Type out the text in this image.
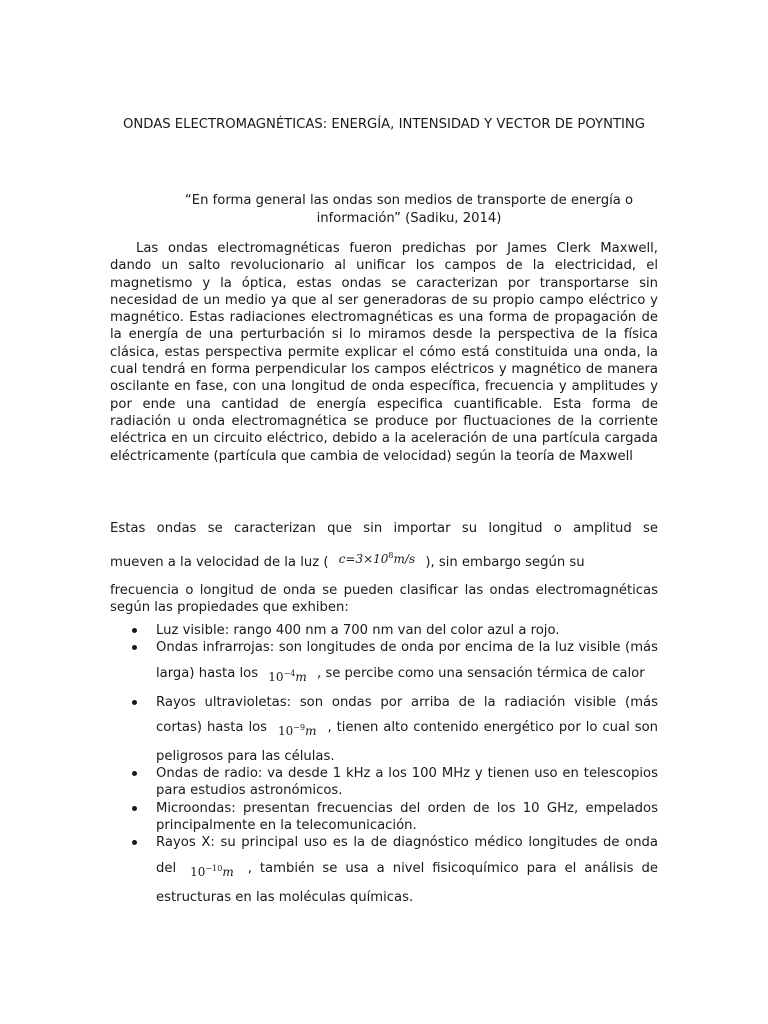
ONDAS ELECTROMAGNÉTICAS: ENERGÍA, INTENSIDAD Y VECTOR DE POYNTING
“En forma general las ondas son medios de transporte de energía o información” (Sadiku, 2014)
Las ondas electromagnéticas fueron predichas por James Clerk Maxwell, dando un salto revolucionario al unificar los campos de la electricidad, el magnetismo y la óptica, estas ondas se caracterizan por transportarse sin necesidad de un medio ya que al ser generadoras de su propio campo eléctrico y magnético. Estas radiaciones electromagnéticas es una forma de propagación de la energía de una perturbación si lo miramos desde la perspectiva de la física clásica, estas perspectiva permite explicar el cómo está constituida una onda, la cual tendrá en forma perpendicular los campos eléctricos y magnético de manera oscilante en fase, con una longitud de onda específica, frecuencia y amplitudes y por ende una cantidad de energía especifica cuantificable. Esta forma de radiación u onda electromagnética se produce por fluctuaciones de la corriente eléctrica en un circuito eléctrico, debido a la aceleración de una partícula cargada eléctricamente (partícula que cambia de velocidad) según la teoría de Maxwell
Estas ondas se caracterizan que sin importar su longitud o amplitud se
mueven a la velocidad de la luz ( $c=3\times 10^8m/s$ ), sin embargo según su
frecuencia o longitud de onda se pueden clasificar las ondas electromagnéticas según las propiedades que exhiben:
Luz visible: rango 400 nm a 700 nm van del color azul a rojo.
Ondas infrarrojas: son longitudes de onda por encima de la luz visible (más larga) hasta los $10^{-4}m$ , se percibe como una sensación térmica de calor
Rayos ultravioletas: son ondas por arriba de la radiación visible (más cortas) hasta los $10^{-9}m$ , tienen alto contenido energético por lo cual son peligrosos para las células.
Ondas de radio: va desde 1 kHz a los 100 MHz y tienen uso en telescopios para estudios astronómicos.
Microondas: presentan frecuencias del orden de los 10 GHz, empelados principalmente en la telecomunicación.
Rayos X: su principal uso es la de diagnóstico médico longitudes de onda del $10^{-10}m$ , también se usa a nivel fisicoquímico para el análisis de estructuras en las moléculas químicas.
